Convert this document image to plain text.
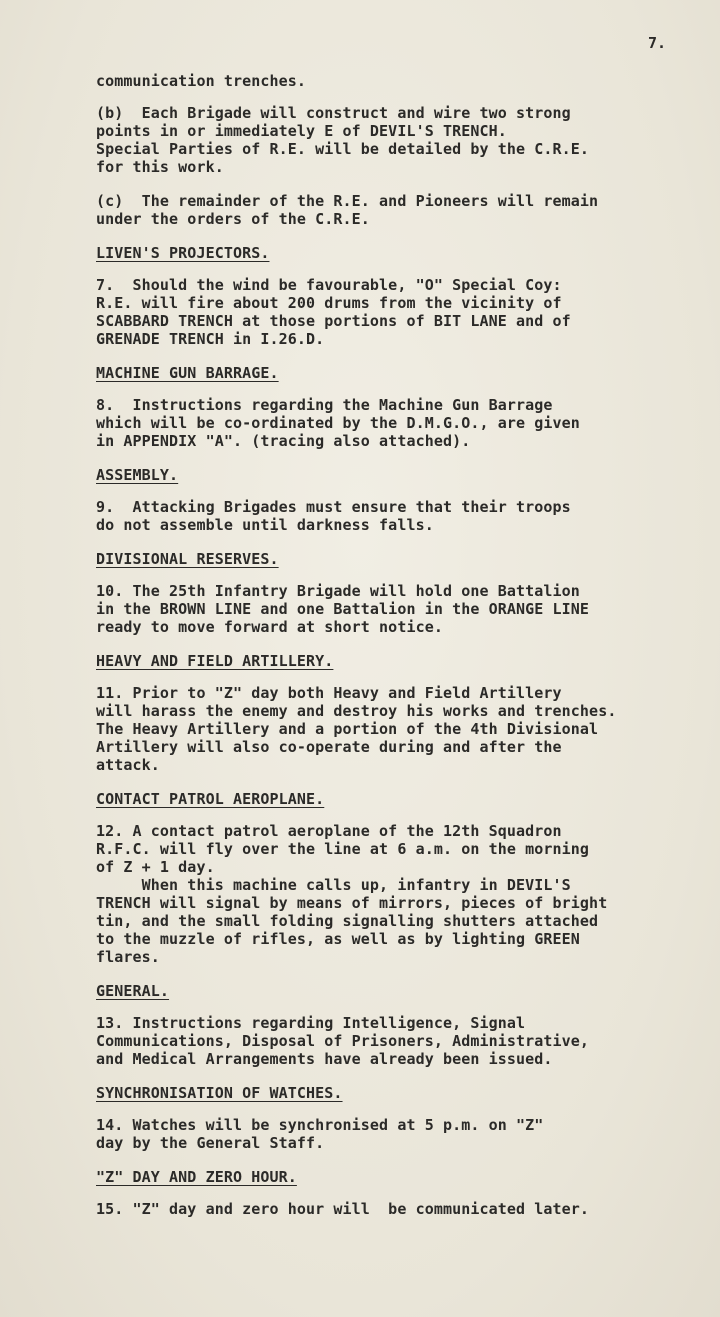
7.

communication trenches.

(b)  Each Brigade will construct and wire two strong
points in or immediately E of DEVIL'S TRENCH.
Special Parties of R.E. will be detailed by the C.R.E.
for this work.

(c)  The remainder of the R.E. and Pioneers will remain
under the orders of the C.R.E.

LIVEN'S PROJECTORS.

7.  Should the wind be favourable, "O" Special Coy:
R.E. will fire about 200 drums from the vicinity of
SCABBARD TRENCH at those portions of BIT LANE and of
GRENADE TRENCH in I.26.D.

MACHINE GUN BARRAGE.

8.  Instructions regarding the Machine Gun Barrage
which will be co-ordinated by the D.M.G.O., are given
in APPENDIX "A". (tracing also attached).

ASSEMBLY.

9.  Attacking Brigades must ensure that their troops
do not assemble until darkness falls.

DIVISIONAL RESERVES.

10. The 25th Infantry Brigade will hold one Battalion
in the BROWN LINE and one Battalion in the ORANGE LINE
ready to move forward at short notice.

HEAVY AND FIELD ARTILLERY.

11. Prior to "Z" day both Heavy and Field Artillery
will harass the enemy and destroy his works and trenches.
The Heavy Artillery and a portion of the 4th Divisional
Artillery will also co-operate during and after the
attack.

CONTACT PATROL AEROPLANE.

12. A contact patrol aeroplane of the 12th Squadron
R.F.C. will fly over the line at 6 a.m. on the morning
of Z + 1 day.
When this machine calls up, infantry in DEVIL'S
TRENCH will signal by means of mirrors, pieces of bright
tin, and the small folding signalling shutters attached
to the muzzle of rifles, as well as by lighting GREEN
flares.

GENERAL.

13. Instructions regarding Intelligence, Signal
Communications, Disposal of Prisoners, Administrative,
and Medical Arrangements have already been issued.

SYNCHRONISATION OF WATCHES.

14. Watches will be synchronised at 5 p.m. on "Z"
day by the General Staff.

"Z" DAY AND ZERO HOUR.

15. "Z" day and zero hour will  be communicated later.
